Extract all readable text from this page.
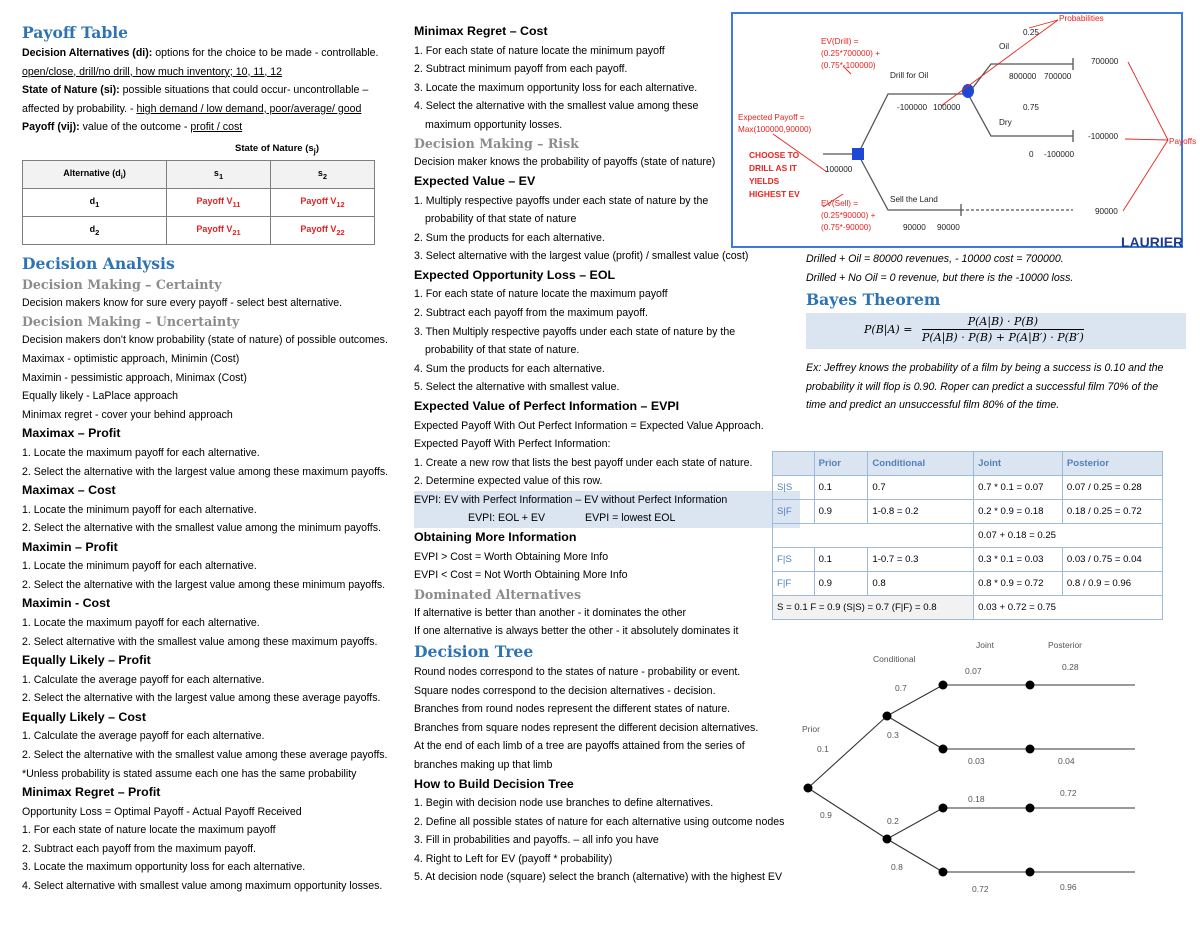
Payoff Table
Decision Alternatives (di): options for the choice to be made - controllable.
open/close, drill/no drill, how much inventory; 10, 11, 12
State of Nature (si): possible situations that could occur- uncontrollable –
affected by probability. - high demand / low demand, poor/average/ good
Payoff (vij): value of the outcome - profit / cost
State of Nature $(s_j)$
Alternative $(d_i)$	$s_1$	$s_2$
$d_1$	Payoff $V_{11}$	Payoff $V_{12}$
$d_2$	Payoff $V_{21}$	Payoff $V_{22}$
Decision Analysis
Decision Making – Certainty
Decision makers know for sure every payoff - select best alternative.
Decision Making – Uncertainty
Decision makers don't know probability (state of nature) of possible outcomes.
Maximax - optimistic approach, Minimin (Cost)
Maximin - pessimistic approach, Minimax (Cost)
Equally likely - LaPlace approach
Minimax regret - cover your behind approach
Maximax – Profit
1. Locate the maximum payoff for each alternative.
2. Select the alternative with the largest value among these maximum payoffs.
Maximax – Cost
1. Locate the minimum payoff for each alternative.
2. Select the alternative with the smallest value among the minimum payoffs.
Maximin – Profit
1. Locate the minimum payoff for each alternative.
2. Select the alternative with the largest value among these minimum payoffs.
Maximin - Cost
1. Locate the maximum payoff for each alternative.
2. Select alternative with the smallest value among these maximum payoffs.
Equally Likely – Profit
1. Calculate the average payoff for each alternative.
2. Select the alternative with the largest value among these average payoffs.
Equally Likely – Cost
1. Calculate the average payoff for each alternative.
2. Select the alternative with the smallest value among these average payoffs.
*Unless probability is stated assume each one has the same probability
Minimax Regret – Profit
Opportunity Loss = Optimal Payoff - Actual Payoff Received
1. For each state of nature locate the maximum payoff
2. Subtract each payoff from the maximum payoff.
3. Locate the maximum opportunity loss for each alternative.
4. Select alternative with smallest value among maximum opportunity losses.
Minimax Regret – Cost
1. For each state of nature locate the minimum payoff
2. Subtract minimum payoff from each payoff.
3. Locate the maximum opportunity loss for each alternative.
4. Select the alternative with the smallest value among these
maximum opportunity losses.
Decision Making – Risk
Decision maker knows the probability of payoffs (state of nature)
Expected Value – EV
1. Multiply respective payoffs under each state of nature by the
probability of that state of nature
2. Sum the products for each alternative.
3. Select alternative with the largest value (profit) / smallest value (cost)
Expected Opportunity Loss – EOL
1. For each state of nature locate the maximum payoff
2. Subtract each payoff from the maximum payoff.
3. Then Multiply respective payoffs under each state of nature by the
probability of that state of nature.
4. Sum the products for each alternative.
5. Select the alternative with smallest value.
Expected Value of Perfect Information – EVPI
Expected Payoff With Out Perfect Information = Expected Value Approach.
Expected Payoff With Perfect Information:
1. Create a new row that lists the best payoff under each state of nature.
2. Determine expected value of this row.
EVPI: EV with Perfect Information – EV without Perfect Information
EVPI: EOL + EV	EVPI = lowest EOL
Obtaining More Information
EVPI > Cost = Worth Obtaining More Info
EVPI < Cost = Not Worth Obtaining More Info
Dominated Alternatives
If alternative is better than another - it dominates the other
If one alternative is always better the other - it absolutely dominates it
Decision Tree
Round nodes correspond to the states of nature - probability or event.
Square nodes correspond to the decision alternatives - decision.
Branches from round nodes represent the different states of nature.
Branches from square nodes represent the different decision alternatives.
At the end of each limb of a tree are payoffs attained from the series of
branches making up that limb
How to Build Decision Tree
1. Begin with decision node use branches to define alternatives.
2. Define all possible states of nature for each alternative using outcome nodes
3. Fill in probabilities and payoffs. – all info you have
4. Right to Left for EV (payoff * probability)
5. At decision node (square) select the branch (alternative) with the highest EV
Probabilities
Payoffs
EV(Drill) =
(0.25*700000) +
(0.75*-100000)
Expected Payoff =
Max(100000,90000)
EV(Sell) =
(0.25*90000) +
(0.75*-90000)
CHOOSE TO
DRILL AS IT
YIELDS
HIGHEST EV
Drill for Oil
Sell the Land
Oil
Dry
0.25
0.75
-100000 100000
800000 700000
0 -100000
100000
90000 90000
700000
-100000
90000
LAURIER
Drilled + Oil = 80000 revenues, - 10000 cost = 700000.
Drilled + No Oil = 0 revenue, but there is the -10000 loss.
Bayes Theorem
$P(B|A) = \frac{P(A|B) \cdot P(B)}{P(A|B) \cdot P(B) + P(A|B') \cdot P(B')}$
Ex: Jeffrey knows the probability of a film by being a success is 0.10 and the
probability it will flop is 0.90. Roper can predict a successful film 70% of the
time and predict an unsuccessful film 80% of the time.
	Prior	Conditional	Joint	Posterior
S|S	0.1	0.7	0.7 * 0.1 = 0.07	0.07 / 0.25 = 0.28
S|F	0.9	1-0.8 = 0.2	0.2 * 0.9 = 0.18	0.18 / 0.25 = 0.72
			0.07 + 0.18 = 0.25	
F|S	0.1	1-0.7 = 0.3	0.3 * 0.1 = 0.03	0.03 / 0.75 = 0.04
F|F	0.9	0.8	0.8 * 0.9 = 0.72	0.8 / 0.9 = 0.96
S = 0.1 F = 0.9 (S|S) = 0.7 (F|F) = 0.8			0.03 + 0.72 = 0.75	
Conditional
Joint	Posterior
Prior
0.1
0.9
0.7
0.3
0.2
0.8
0.07
0.03
0.18
0.72
0.28
0.04
0.72
0.96
